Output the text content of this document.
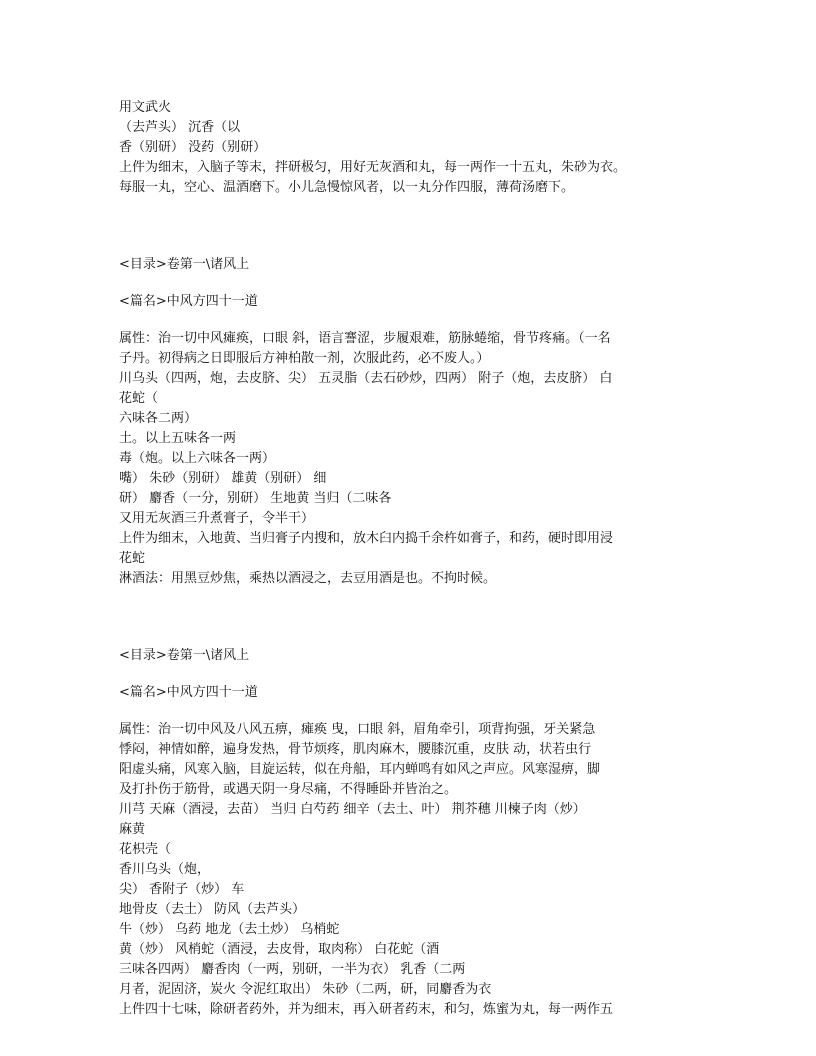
用文武火
（去芦头） 沉香（以
香（别研） 没药（别研）
上件为细末，入脑子等末，拌研极匀，用好无灰酒和丸，每一两作一十五丸，朱砂为衣。
每服一丸，空心、温酒磨下。小儿急慢惊风者，以一丸分作四服，薄荷汤磨下。
<目录>卷第一\诸风上
<篇名>中风方四十一道
属性：治一切中风瘫痪，口眼 斜，语言謇涩，步履艰难，筋脉蜷缩，骨节疼痛。（一名
子丹。初得病之日即服后方神柏散一剂，次服此药，必不废人。）
川乌头（四两，炮，去皮脐、尖） 五灵脂（去石砂炒，四两） 附子（炮，去皮脐） 白
花蛇（
六味各二两）
土。以上五味各一两
毒（炮。以上六味各一两）
嘴） 朱砂（别研） 雄黄（别研） 细
研） 麝香（一分，别研） 生地黄 当归（二味各
又用无灰酒三升煮膏子，令半干）
上件为细末，入地黄、当归膏子内搜和，放木臼内捣千余杵如膏子，和药，硬时即用浸
花蛇
淋酒法：用黑豆炒焦，乘热以酒浸之，去豆用酒是也。不拘时候。
<目录>卷第一\诸风上
<篇名>中风方四十一道
属性：治一切中风及八风五痹，瘫痪 曳，口眼 斜，眉角牵引，项背拘强，牙关紧急
悸闷，神情如醉，遍身发热，骨节烦疼，肌肉麻木，腰膝沉重，皮肤 动，状若虫行
阳虚头痛，风寒入脑，目旋运转，似在舟船，耳内蝉鸣有如风之声应。风寒湿痹，脚
及打扑伤于筋骨，或遇天阴一身尽痛，不得睡卧并皆治之。
川芎 天麻（酒浸，去苗） 当归 白芍药 细辛（去土、叶） 荆芥穗 川楝子肉（炒）
麻黄
花枳壳（
香川乌头（炮，
尖） 香附子（炒） 车
地骨皮（去土） 防风（去芦头）
牛（炒） 乌药 地龙（去土炒） 乌梢蛇
黄（炒） 风梢蛇（酒浸，去皮骨，取肉称） 白花蛇（酒
三味各四两） 麝香肉（一两，别研，一半为衣） 乳香（二两
月者，泥固济，炭火 令泥红取出） 朱砂（二两，研，同麝香为衣
上件四十七味，除研者药外，并为细末，再入研者药末，和匀，炼蜜为丸，每一两作五
